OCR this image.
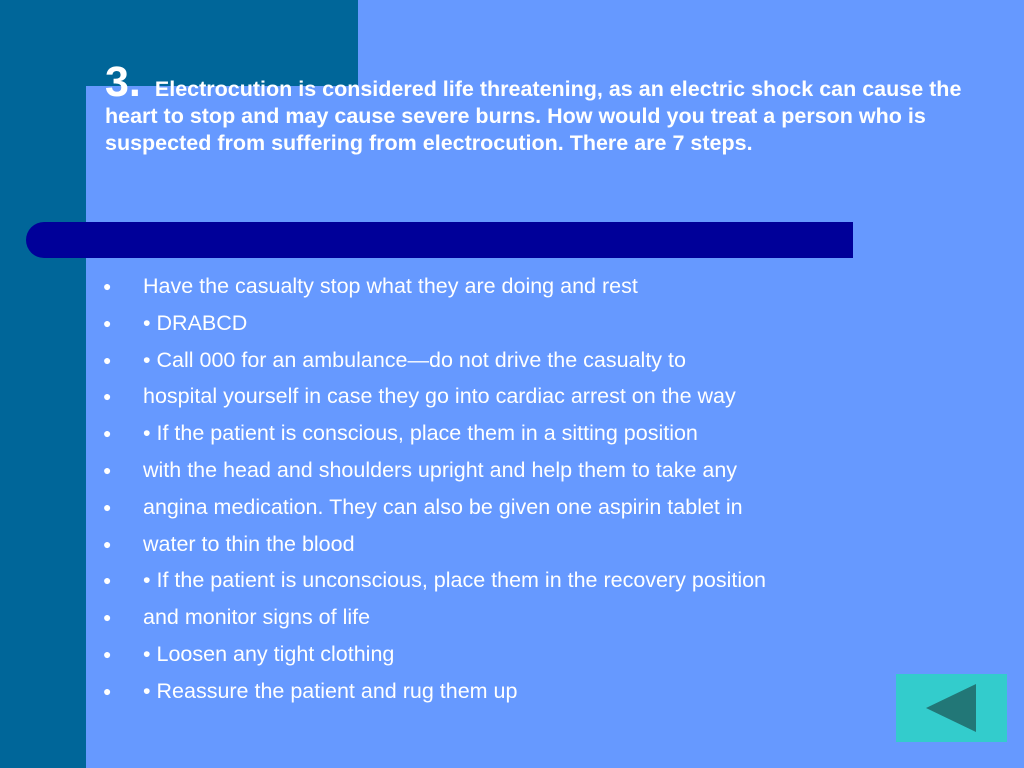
3. Electrocution is considered life threatening, as an electric shock can cause the heart to stop and may cause severe burns. How would you treat a person who is suspected from suffering from electrocution. There are 7 steps.
● Have the casualty stop what they are doing and rest
● • DRABCD
● • Call 000 for an ambulance—do not drive the casualty to
● hospital yourself in case they go into cardiac arrest on the way
● • If the patient is conscious, place them in a sitting position
● with the head and shoulders upright and help them to take any
● angina medication. They can also be given one aspirin tablet in
● water to thin the blood
● • If the patient is unconscious, place them in the recovery position
● and monitor signs of life
● • Loosen any tight clothing
● • Reassure the patient and rug them up
